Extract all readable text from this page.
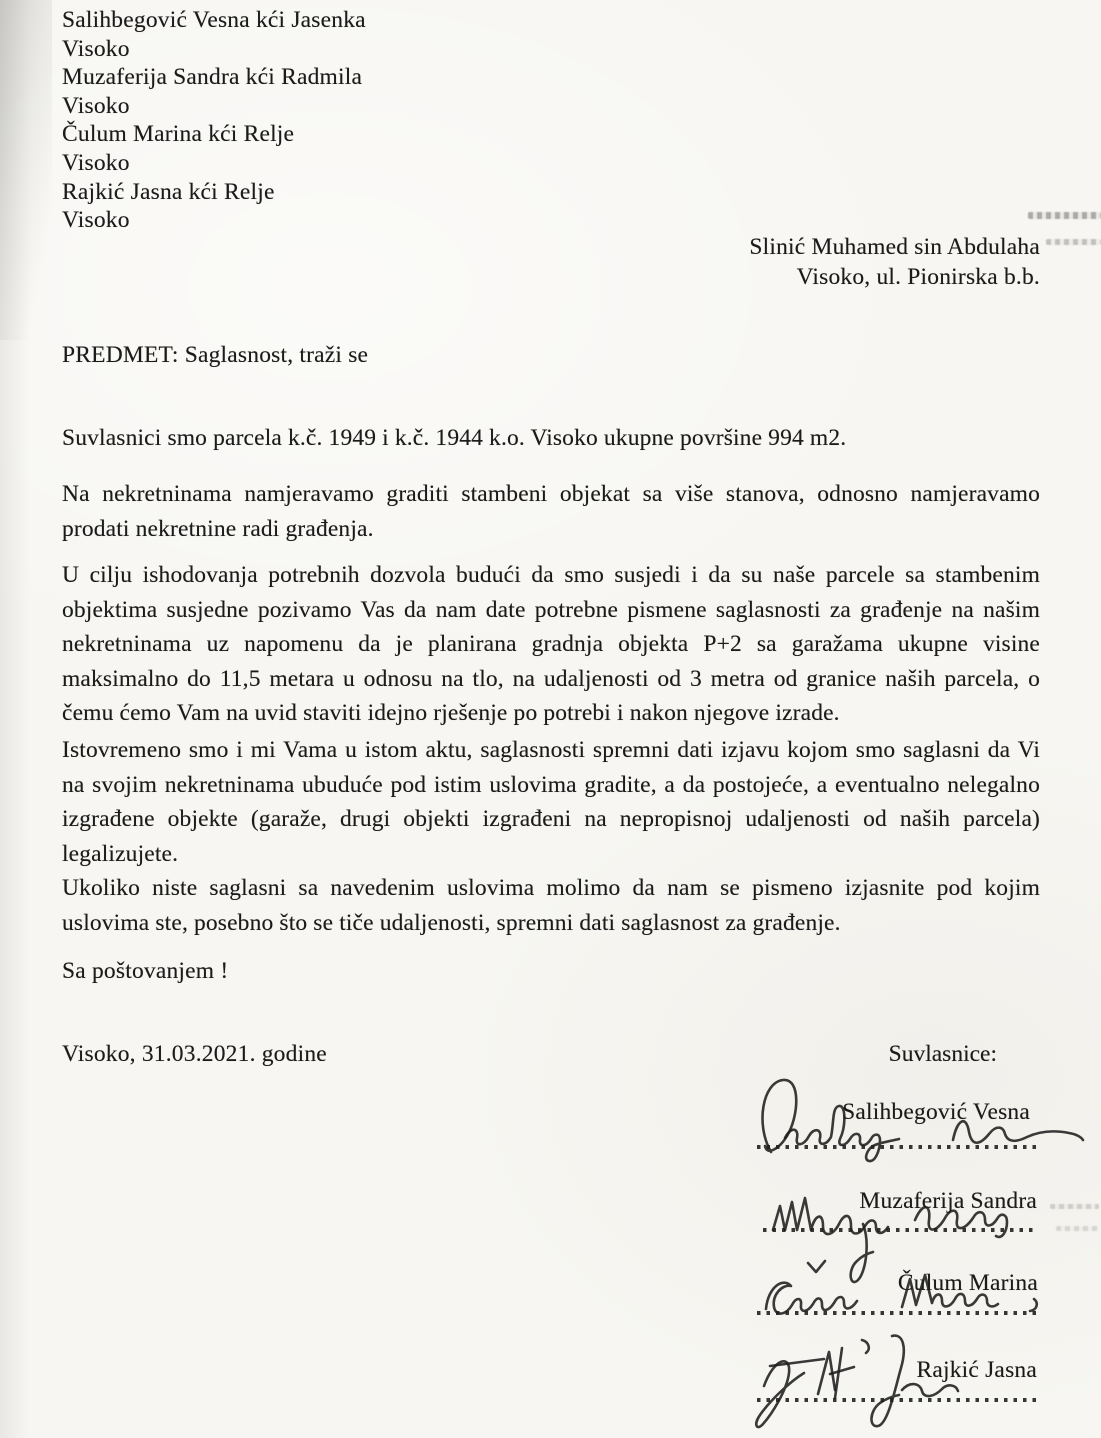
Salihbegović Vesna kći Jasenka
Visoko
Muzaferija Sandra kći Radmila
Visoko
Čulum Marina kći Relje
Visoko
Rajkić Jasna kći Relje
Visoko
Slinić Muhamed sin Abdulaha
Visoko, ul. Pionirska b.b.
PREDMET: Saglasnost, traži se
Suvlasnici smo parcela k.č. 1949 i k.č. 1944 k.o. Visoko ukupne površine 994 m2.
Na nekretninama namjeravamo graditi stambeni objekat sa više stanova, odnosno namjeravamo
prodati nekretnine radi građenja.
U cilju ishodovanja potrebnih dozvola budući da smo susjedi i da su naše parcele sa stambenim
objektima susjedne pozivamo Vas da nam date potrebne pismene saglasnosti za građenje na našim
nekretninama uz napomenu da je planirana gradnja objekta P+2 sa garažama ukupne visine
maksimalno do 11,5 metara u odnosu na tlo, na udaljenosti od 3 metra od granice naših parcela, o
čemu ćemo Vam na uvid staviti idejno rješenje po potrebi i nakon njegove izrade.
Istovremeno smo i mi Vama u istom aktu, saglasnosti spremni dati izjavu kojom smo saglasni da Vi
na svojim nekretninama ubuduće pod istim uslovima gradite, a da postojeće, a eventualno nelegalno
izgrađene objekte (garaže, drugi objekti izgrađeni na nepropisnoj udaljenosti od naših parcela)
legalizujete.
Ukoliko niste saglasni sa navedenim uslovima molimo da nam se pismeno izjasnite pod kojim
uslovima ste, posebno što se tiče udaljenosti, spremni dati saglasnost za građenje.
Sa poštovanjem !
Visoko, 31.03.2021. godine	Suvlasnice:
Salihbegović Vesna
Muzaferija Sandra
Čulum Marina
Rajkić Jasna
